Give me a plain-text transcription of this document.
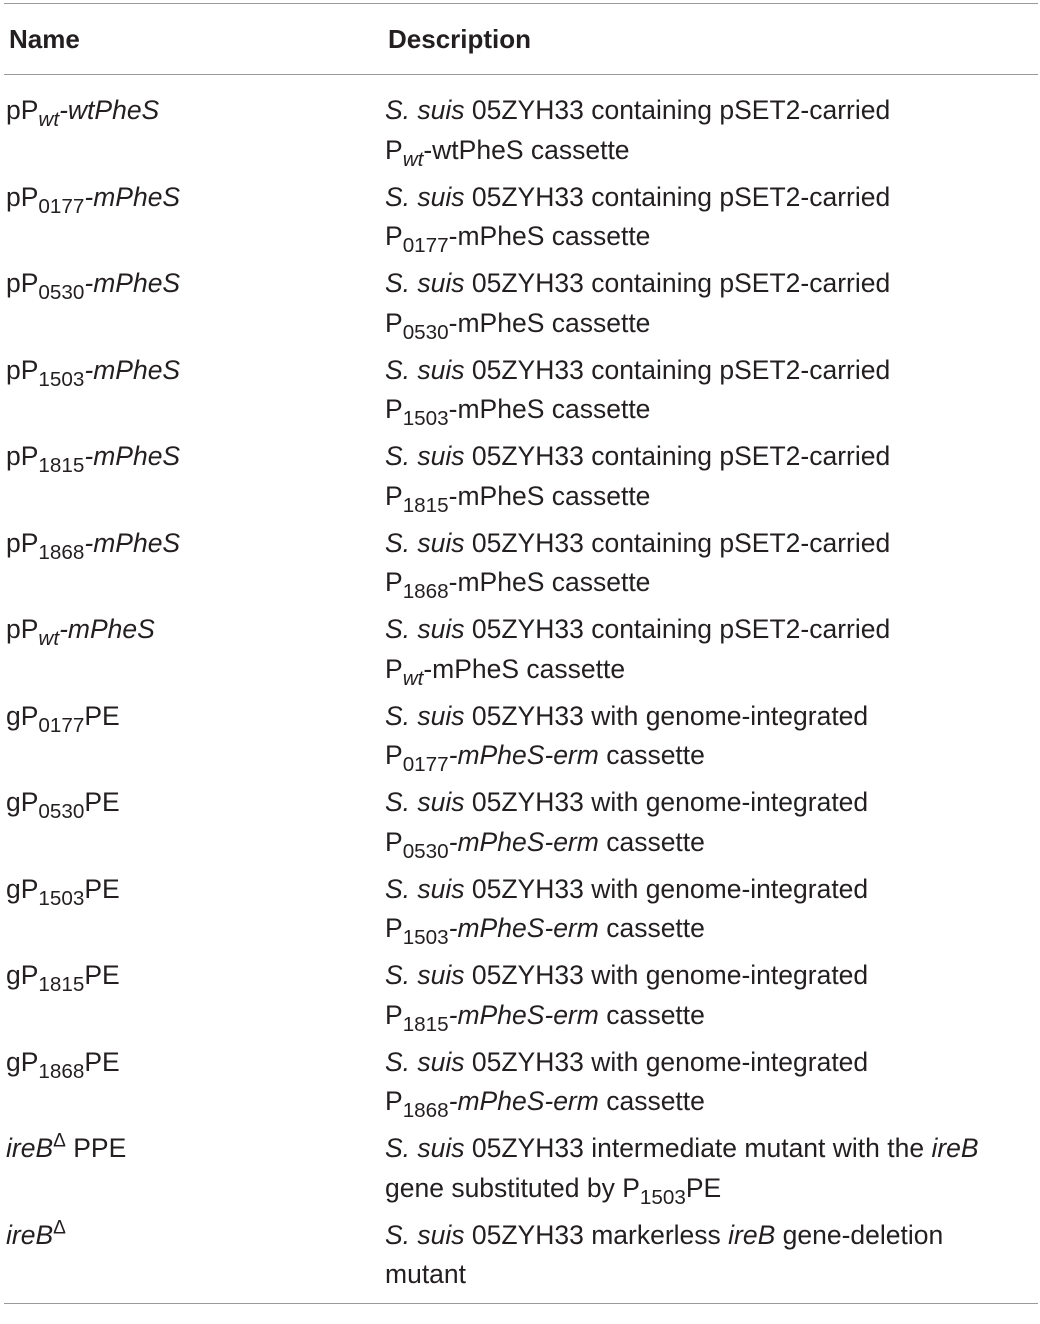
Name	Description
$pP_{wt}$-wtPheS	S. suis 05ZYH33 containing pSET2-carried
$P_{wt}$-wtPheS cassette
$pP_{0177}$-mPheS	S. suis 05ZYH33 containing pSET2-carried
$P_{0177}$-mPheS cassette
$pP_{0530}$-mPheS	S. suis 05ZYH33 containing pSET2-carried
$P_{0530}$-mPheS cassette
$pP_{1503}$-mPheS	S. suis 05ZYH33 containing pSET2-carried
$P_{1503}$-mPheS cassette
$pP_{1815}$-mPheS	S. suis 05ZYH33 containing pSET2-carried
$P_{1815}$-mPheS cassette
$pP_{1868}$-mPheS	S. suis 05ZYH33 containing pSET2-carried
$P_{1868}$-mPheS cassette
$pP_{wt}$-mPheS	S. suis 05ZYH33 containing pSET2-carried
$P_{wt}$-mPheS cassette
$gP_{0177}PE$	S. suis 05ZYH33 with genome-integrated
$P_{0177}-mPheS$-erm cassette
$gP_{0530}PE$	S. suis 05ZYH33 with genome-integrated
$P_{0530}-mPheS$-erm cassette
$gP_{1503}PE$	S. suis 05ZYH33 with genome-integrated
$P_{1503}-mPheS$-erm cassette
$gP_{1815}PE$	S. suis 05ZYH33 with genome-integrated
$P_{1815}-mPheS$-erm cassette
$gP_{1868}PE$	S. suis 05ZYH33 with genome-integrated
$P_{1868}-mPheS$-erm cassette
ireB$^\Delta$ PPE	S. suis 05ZYH33 intermediate mutant with the ireB
gene substituted by $P_{1503}PE$
ireB$^\Delta$	S. suis 05ZYH33 markerless ireB gene-deletion
mutant
